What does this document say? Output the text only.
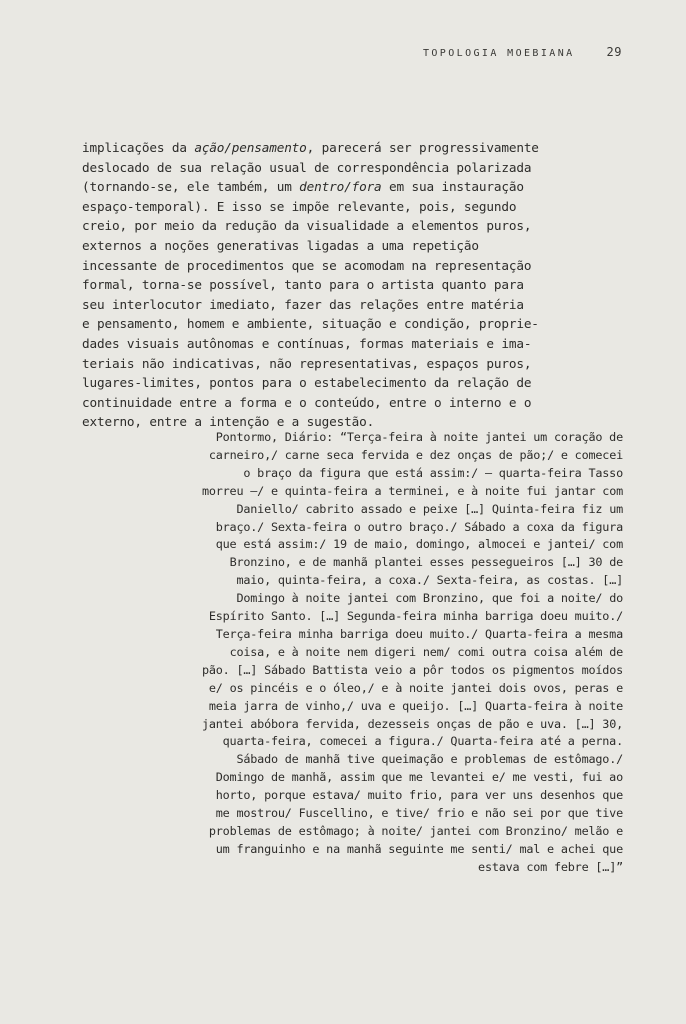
TOPOLOGIA MOEBIANA	29
implicações da ação/pensamento, parecerá ser progressivamente
deslocado de sua relação usual de correspondência polarizada
(tornando-se, ele também, um dentro/fora em sua instauração
espaço-temporal). E isso se impõe relevante, pois, segundo
creio, por meio da redução da visualidade a elementos puros,
externos a noções generativas ligadas a uma repetição
incessante de procedimentos que se acomodam na representação
formal, torna-se possível, tanto para o artista quanto para
seu interlocutor imediato, fazer das relações entre matéria
e pensamento, homem e ambiente, situação e condição, proprie-
dades visuais autônomas e contínuas, formas materiais e ima-
teriais não indicativas, não representativas, espaços puros,
lugares-limites, pontos para o estabelecimento da relação de
continuidade entre a forma e o conteúdo, entre o interno e o
externo, entre a intenção e a sugestão.
Pontormo, Diário: “Terça-feira à noite jantei um coração de
carneiro,/ carne seca fervida e dez onças de pão;/ e comecei
o braço da figura que está assim:/ — quarta-feira Tasso
morreu —/ e quinta-feira a terminei, e à noite fui jantar com
Daniello/ cabrito assado e peixe […] Quinta-feira fiz um
braço./ Sexta-feira o outro braço./ Sábado a coxa da figura
que está assim:/ 19 de maio, domingo, almocei e jantei/ com
Bronzino, e de manhã plantei esses pessegueiros […] 30 de
maio, quinta-feira, a coxa./ Sexta-feira, as costas. […]
Domingo à noite jantei com Bronzino, que foi a noite/ do
Espírito Santo. […] Segunda-feira minha barriga doeu muito./
Terça-feira minha barriga doeu muito./ Quarta-feira a mesma
coisa, e à noite nem digeri nem/ comi outra coisa além de
pão. […] Sábado Battista veio a pôr todos os pigmentos moídos
e/ os pincéis e o óleo,/ e à noite jantei dois ovos, peras e
meia jarra de vinho,/ uva e queijo. […] Quarta-feira à noite
jantei abóbora fervida, dezesseis onças de pão e uva. […] 30,
quarta-feira, comecei a figura./ Quarta-feira até a perna.
Sábado de manhã tive queimação e problemas de estômago./
Domingo de manhã, assim que me levantei e/ me vesti, fui ao
horto, porque estava/ muito frio, para ver uns desenhos que
me mostrou/ Fuscellino, e tive/ frio e não sei por que tive
problemas de estômago; à noite/ jantei com Bronzino/ melão e
um franguinho e na manhã seguinte me senti/ mal e achei que
estava com febre […]”
